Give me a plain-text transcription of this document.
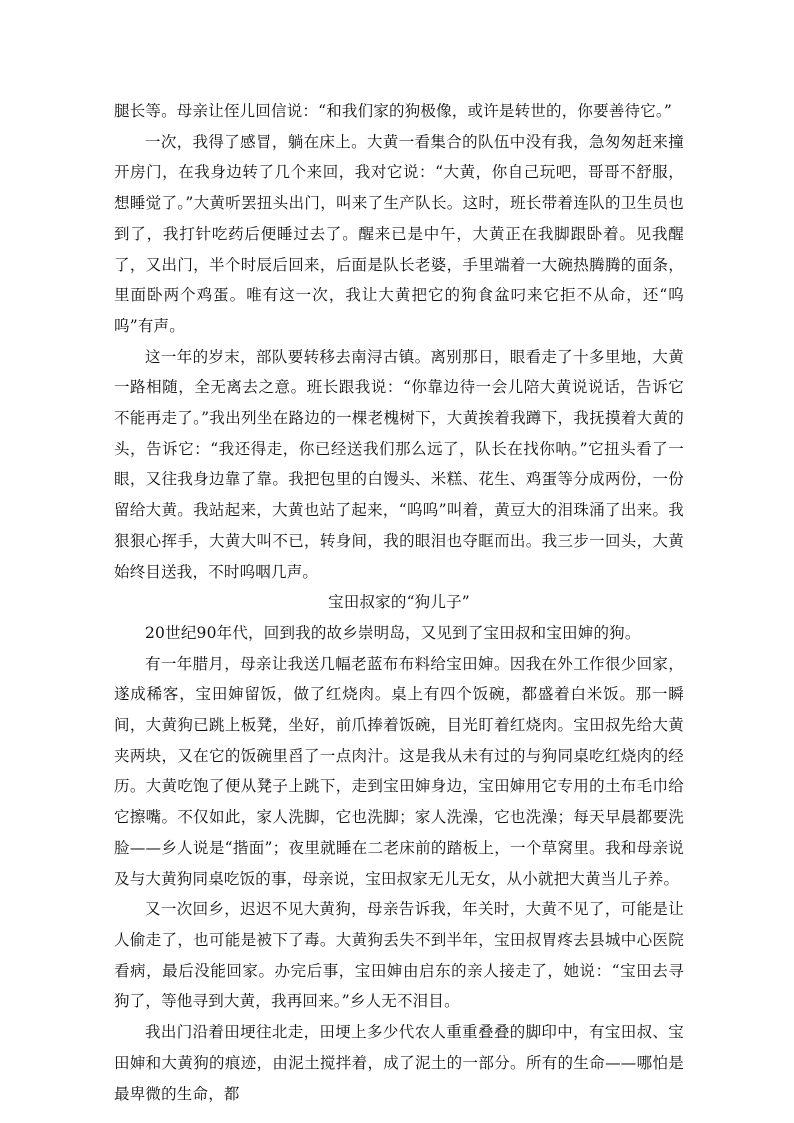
腿长等。母亲让侄儿回信说：“和我们家的狗极像，或许是转世的，你要善待它。”

一次，我得了感冒，躺在床上。大黄一看集合的队伍中没有我，急匆匆赶来撞开房门，在我身边转了几个来回，我对它说：“大黄，你自己玩吧，哥哥不舒服，想睡觉了。”大黄听罢扭头出门，叫来了生产队长。这时，班长带着连队的卫生员也到了，我打针吃药后便睡过去了。醒来已是中午，大黄正在我脚跟卧着。见我醒了，又出门，半个时辰后回来，后面是队长老婆，手里端着一大碗热腾腾的面条，里面卧两个鸡蛋。唯有这一次，我让大黄把它的狗食盆叼来它拒不从命，还“呜呜”有声。

这一年的岁末，部队要转移去南浔古镇。离别那日，眼看走了十多里地，大黄一路相随，全无离去之意。班长跟我说：“你靠边待一会儿陪大黄说说话，告诉它不能再走了。”我出列坐在路边的一棵老槐树下，大黄挨着我蹲下，我抚摸着大黄的头，告诉它：“我还得走，你已经送我们那么远了，队长在找你呐。”它扭头看了一眼，又往我身边靠了靠。我把包里的白馒头、米糕、花生、鸡蛋等分成两份，一份留给大黄。我站起来，大黄也站了起来，“呜呜”叫着，黄豆大的泪珠涌了出来。我狠狠心挥手，大黄大叫不已，转身间，我的眼泪也夺眶而出。我三步一回头，大黄始终目送我，不时呜咽几声。

宝田叔家的“狗儿子”

20世纪90年代，回到我的故乡崇明岛，又见到了宝田叔和宝田婶的狗。

有一年腊月，母亲让我送几幅老蓝布布料给宝田婶。因我在外工作很少回家，遂成稀客，宝田婶留饭，做了红烧肉。桌上有四个饭碗，都盛着白米饭。那一瞬间，大黄狗已跳上板凳，坐好，前爪捧着饭碗，目光盯着红烧肉。宝田叔先给大黄夹两块，又在它的饭碗里舀了一点肉汁。这是我从未有过的与狗同桌吃红烧肉的经历。大黄吃饱了便从凳子上跳下，走到宝田婶身边，宝田婶用它专用的土布毛巾给它擦嘴。不仅如此，家人洗脚，它也洗脚；家人洗澡，它也洗澡；每天早晨都要洗脸——乡人说是“揩面”；夜里就睡在二老床前的踏板上，一个草窝里。我和母亲说及与大黄狗同桌吃饭的事，母亲说，宝田叔家无儿无女，从小就把大黄当儿子养。

又一次回乡，迟迟不见大黄狗，母亲告诉我，年关时，大黄不见了，可能是让人偷走了，也可能是被下了毒。大黄狗丢失不到半年，宝田叔胃疼去县城中心医院看病，最后没能回家。办完后事，宝田婶由启东的亲人接走了，她说：“宝田去寻狗了，等他寻到大黄，我再回来。”乡人无不泪目。

我出门沿着田埂往北走，田埂上多少代农人重重叠叠的脚印中，有宝田叔、宝田婶和大黄狗的痕迹，由泥土搅拌着，成了泥土的一部分。所有的生命——哪怕是最卑微的生命，都
